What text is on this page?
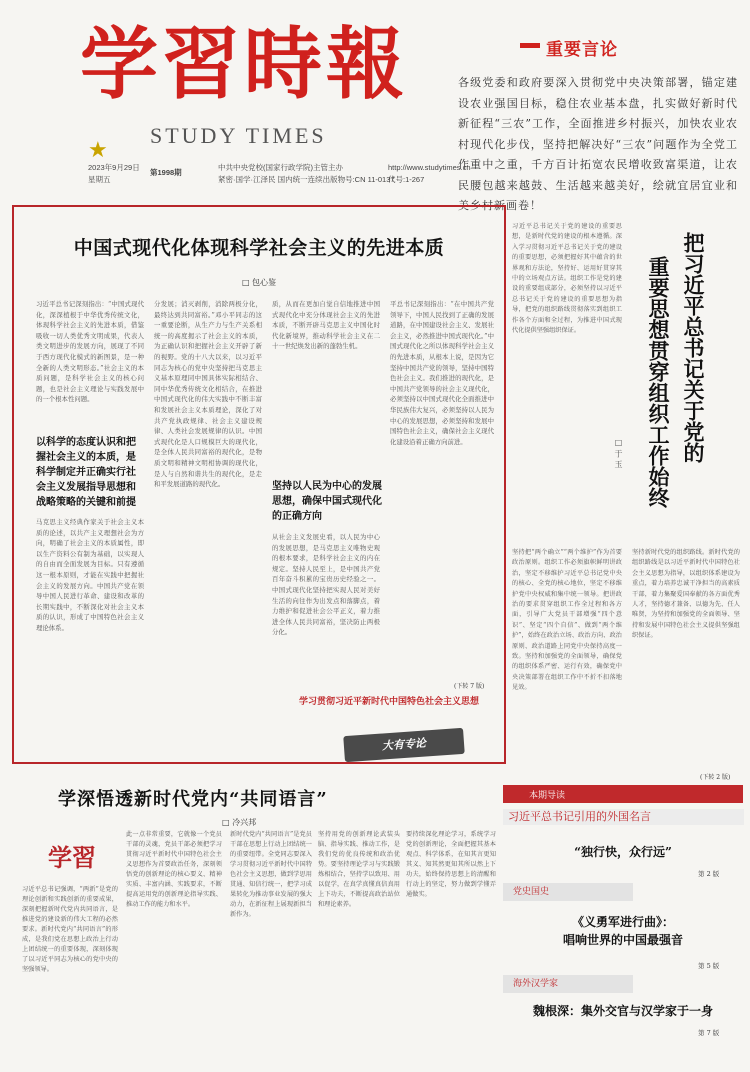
学習時報
STUDY TIMES
★
2023年9月29日
星期五
第1998期
中共中央党校(国家行政学院)主管主办
紧密·国学·江泽民 国内统一连续出版物号:CN 11-0137
http://www.studytimes.cn
代号:1-267
重要言论
各级党委和政府要深入贯彻党中央决策部署，锚定建设农业强国目标，稳住农业基本盘，扎实做好新时代新征程“三农”工作，全面推进乡村振兴，加快农业农村现代化步伐，坚持把解决好“三农”问题作为全党工作重中之重，千方百计拓宽农民增收致富渠道，让农民腰包越来越鼓、生活越来越美好，绘就宜居宜业和美乡村新画卷！
中国式现代化体现科学社会主义的先进本质
□ 包心鉴
习近平总书记深刻指出：“中国式现代化，深深植根于中华优秀传统文化，体现科学社会主义的先进本质，借鉴吸收一切人类优秀文明成果，代表人类文明进步的发展方向，展现了不同于西方现代化模式的新图景，是一种全新的人类文明形态。”社会主义的本质问题，是科学社会主义的核心问题，也是社会主义理论与实践发展中的一个根本性问题。
以科学的态度认识和把握社会主义的本质，是科学制定并正确实行社会主义发展指导思想和战略策略的关键和前提
马克思主义经典作家关于社会主义本质的论述，以共产主义理想社会为方向，明确了社会主义的本质属性，即以生产资料公有制为基础，以实现人的自由而全面发展为目标。只有遵循这一根本原则，才能在实践中把握社会主义的发展方向。中国共产党在领导中国人民进行革命、建设和改革的长期实践中，不断深化对社会主义本质的认识，形成了中国特色社会主义理论体系。
分发展；消灭剥削，消除两极分化，最终达到共同富裕。”邓小平同志的这一重要论断，从生产力与生产关系相统一的高度揭示了社会主义的本质，为正确认识和把握社会主义开辟了新的视野。党的十八大以来，以习近平同志为核心的党中央坚持把马克思主义基本原理同中国具体实际相结合、同中华优秀传统文化相结合，在推进中国式现代化的伟大实践中不断丰富和发展社会主义本质理论，深化了对共产党执政规律、社会主义建设规律、人类社会发展规律的认识。中国式现代化是人口规模巨大的现代化，是全体人民共同富裕的现代化，是物质文明和精神文明相协调的现代化，是人与自然和谐共生的现代化，是走和平发展道路的现代化。
质，从而在更加自觉自信地推进中国式现代化中充分体现社会主义的先进本质，不断开辟马克思主义中国化时代化新境界，推动科学社会主义在二十一世纪焕发出新的蓬勃生机。
坚持以人民为中心的发展思想，确保中国式现代化的正确方向
从社会主义发展史看，以人民为中心的发展思想，是马克思主义唯物史观的根本要求，是科学社会主义的内在规定。坚持人民至上，是中国共产党百年奋斗积累的宝贵历史经验之一。中国式现代化坚持把实现人民对美好生活的向往作为出发点和落脚点，着力维护和促进社会公平正义，着力推进全体人民共同富裕，坚决防止两极分化。
平总书记深刻指出：“在中国共产党领导下，中国人民找到了正确的发展道路，在中国建设社会主义、发展社会主义，必然推进中国式现代化。”中国式现代化之所以体现科学社会主义的先进本质，从根本上说，是因为它坚持中国共产党的领导，坚持中国特色社会主义。我们推进的现代化，是中国共产党领导的社会主义现代化，必须坚持以中国式现代化全面推进中华民族伟大复兴，必须坚持以人民为中心的发展思想，必须坚持和发展中国特色社会主义，确保社会主义现代化建设沿着正确方向前进。
(下转 7 版)
学习贯彻习近平新时代中国特色社会主义思想
大有专论
习近平总书记关于党的建设的重要思想，是新时代党的建设的根本遵循。深入学习贯彻习近平总书记关于党的建设的重要思想，必须把握好其中蕴含的世界观和方法论，坚持好、运用好贯穿其中的立场观点方法。组织工作是党的建设的重要组成部分，必须坚持以习近平总书记关于党的建设的重要思想为指导，把党的组织路线贯彻落实到组织工作各个方面和全过程，为推进中国式现代化提供坚强组织保证。	把习近平总书记关于党的
重要思想贯穿组织工作始终
□ 于 玉
坚持把“两个确立”“两个维护”作为首要政治原则。组织工作必须旗帜鲜明讲政治，坚定不移维护习近平总书记党中央的核心、全党的核心地位，坚定不移维护党中央权威和集中统一领导。把讲政治的要求贯穿组织工作全过程和各方面，引导广大党员干部增强“四个意识”、坚定“四个自信”、做到“两个维护”，始终在政治立场、政治方向、政治原则、政治道路上同党中央保持高度一致。坚持和加强党的全面领导，确保党的组织体系严密、运行有效，确保党中央决策部署在组织工作中不折不扣落地见效。
坚持新时代党的组织路线。新时代党的组织路线是以习近平新时代中国特色社会主义思想为指导，以组织体系建设为重点，着力培养忠诚干净担当的高素质干部，着力集聚爱国奉献的各方面优秀人才，坚持德才兼备、以德为先、任人唯贤，为坚持和加强党的全面领导、坚持和发展中国特色社会主义提供坚强组织保证。
(下转 2 版)
学深悟透新时代党内“共同语言”
□ 冷兴邦
学習
习近平总书记强调，“两新”是党的理论创新和实践创新的重要成果，深刻把握新时代党内共同语言，是推进党的建设新的伟大工程的必然要求。新时代党内“共同语言”的形成，是我们党在思想上政治上行动上团结统一的重要体现，深刻体现了以习近平同志为核心的党中央的坚强领导。
此一点非常重要，它就像一个党员干部的灵魂，党员干部必须把学习贯彻习近平新时代中国特色社会主义思想作为首要政治任务，深刻领悟党的创新理论的核心要义、精神实质、丰富内涵、实践要求，不断提高运用党的创新理论指导实践、推动工作的能力和水平。
新时代党内“共同语言”是党员干部在思想上行动上团结统一的重要纽带。全党同志要深入学习贯彻习近平新时代中国特色社会主义思想，做到学思用贯通、知信行统一，把学习成果转化为推动事业发展的强大动力，在新征程上展现新担当新作为。
坚持用党的创新理论武装头脑、指导实践、推动工作，是我们党的优良传统和政治优势。要坚持理论学习与实践锻炼相结合，坚持学以致用、用以促学，在真学真懂真信真用上下功夫，不断提高政治站位和理论素养。
要持续深化理论学习，系统学习党的创新理论，全面把握其基本观点、科学体系，在知其言更知其义、知其然更知其所以然上下功夫，始终保持思想上的清醒和行动上的坚定，努力做到学懂弄通做实。
本期导读
习近平总书记引用的外国名言
“独行快，众行远”
第 2 版
党史国史
《义勇军进行曲》：
唱响世界的中国最强音
第 5 版
海外汉学家
魏根深：集外交官与汉学家于一身
第 7 版
